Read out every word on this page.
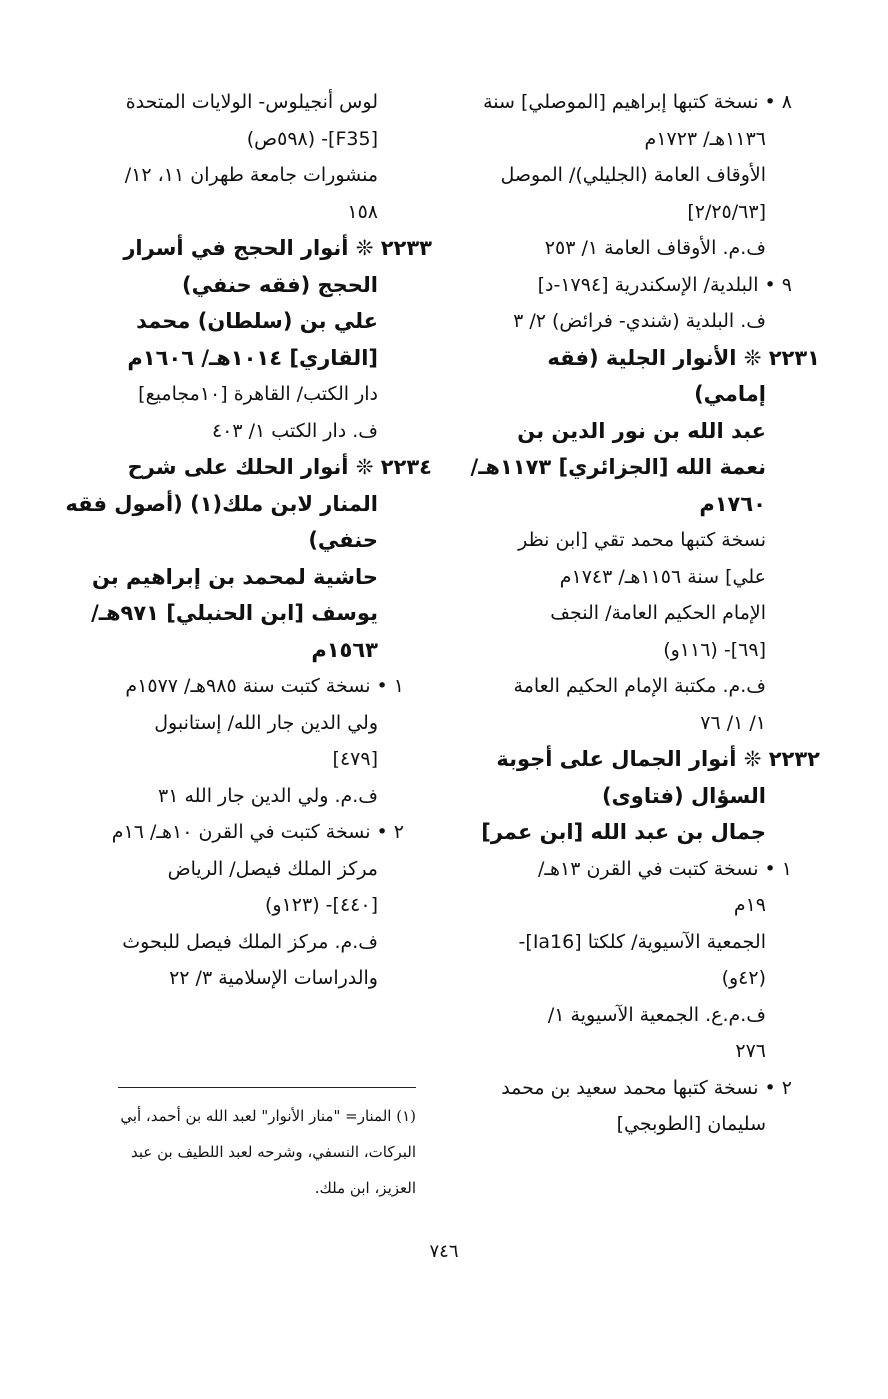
٨ • نسخة كتبها إبراهيم [الموصلي] سنة
١١٣٦هـ/ ١٧٢٣م
الأوقاف العامة (الجليلي)/ الموصل
[٢/٢٥/٦٣]
ف.م. الأوقاف العامة ١/ ٢٥٣
٩ • البلدية/ الإسكندرية [١٧٩٤-د]
ف. البلدية (شندي- فرائض) ٢/ ٣
٢٢٣١ ❊ الأنوار الجلية (فقه
إمامي)
عبد الله بن نور الدين بن
نعمة الله [الجزائري] ١١٧٣هـ/
١٧٦٠م
نسخة كتبها محمد تقي [ابن نظر
علي] سنة ١١٥٦هـ/ ١٧٤٣م
الإمام الحكيم العامة/ النجف
[٦٩]- (١١٦و)
ف.م. مكتبة الإمام الحكيم العامة
١/ ١/ ٧٦
٢٢٣٢ ❊ أنوار الجمال على أجوبة
السؤال (فتاوى)
جمال بن عبد الله [ابن عمر]
١ • نسخة كتبت في القرن ١٣هـ/
١٩م
الجمعية الآسيوية/ كلكتا [Ia16]-
(٤٢و)
ف.م.ع. الجمعية الآسيوية ١/
٢٧٦
٢ • نسخة كتبها محمد سعيد بن محمد
سليمان [الطوبجي]
لوس أنجيلوس- الولايات المتحدة
[F35]- (٥٩٨ص)
منشورات جامعة طهران ١١، ١٢/
١٥٨
٢٢٣٣ ❊ أنوار الحجج في أسرار
الحجج (فقه حنفي)
علي بن (سلطان) محمد
[القاري] ١٠١٤هـ/ ١٦٠٦م
دار الكتب/ القاهرة [١٠مجاميع]
ف. دار الكتب ١/ ٤٠٣
٢٢٣٤ ❊ أنوار الحلك على شرح
المنار لابن ملك(١) (أصول فقه
حنفي)
حاشية لمحمد بن إبراهيم بن
يوسف [ابن الحنبلي] ٩٧١هـ/
١٥٦٣م
١ • نسخة كتبت سنة ٩٨٥هـ/ ١٥٧٧م
ولي الدين جار الله/ إستانبول
[٤٧٩]
ف.م. ولي الدين جار الله ٣١
٢ • نسخة كتبت في القرن ١٠هـ/ ١٦م
مركز الملك فيصل/ الرياض
[٤٤٠]- (١٢٣و)
ف.م. مركز الملك فيصل للبحوث
والدراسات الإسلامية ٣/ ٢٢
(١) المنار= "منار الأنوار" لعبد الله بن أحمد، أبي
البركات، النسفي، وشرحه لعبد اللطيف بن عبد
العزيز، ابن ملك.
٧٤٦
